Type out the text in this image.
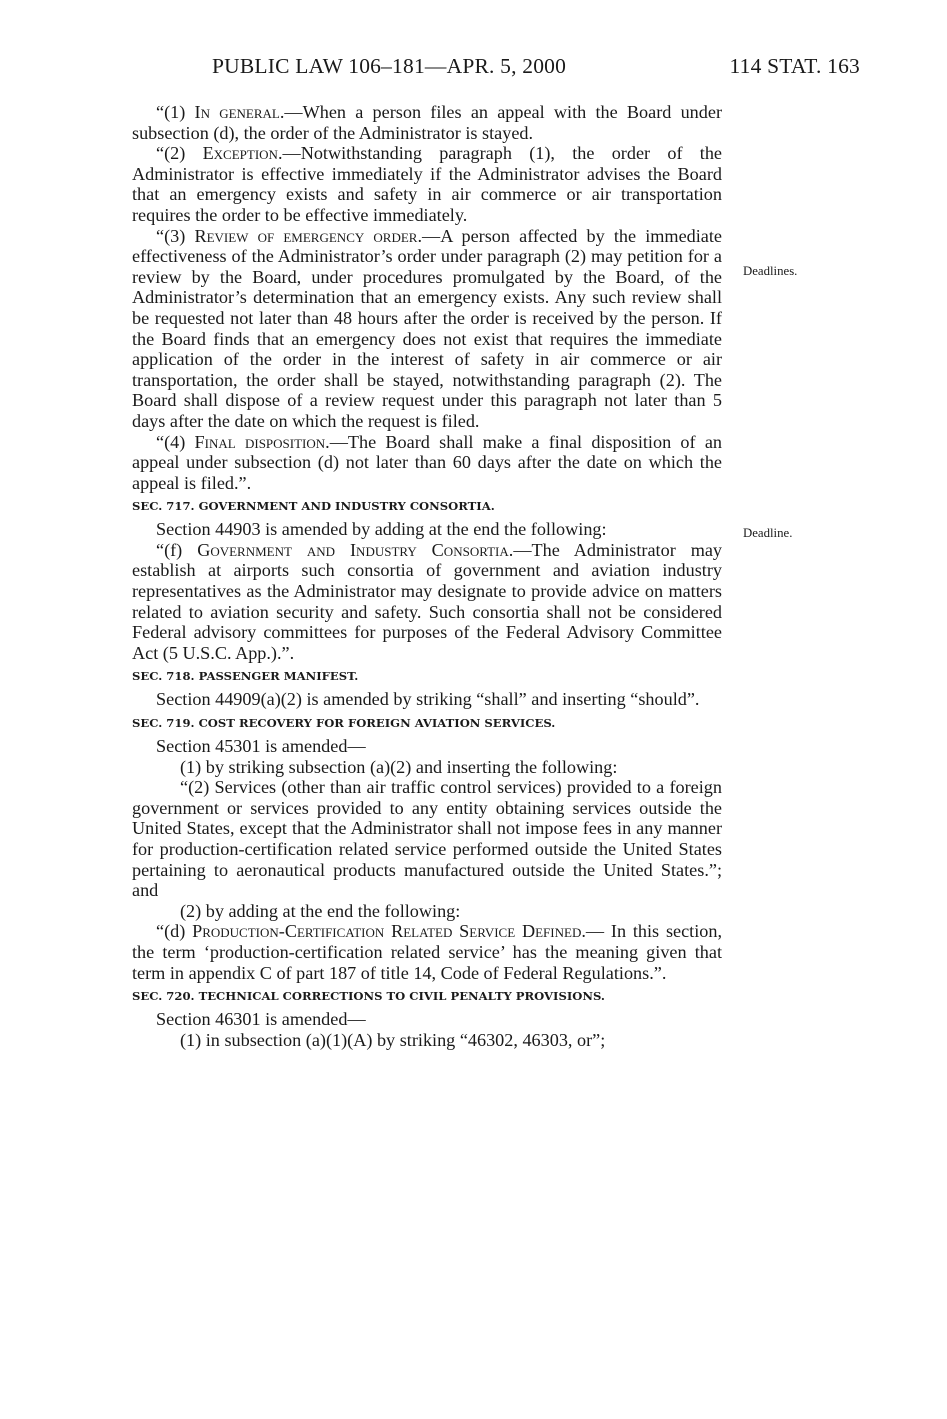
PUBLIC LAW 106–181—APR. 5, 2000	114 STAT. 163
Deadlines.
Deadline.

“(1) In general.—When a person files an appeal with the Board under subsection (d), the order of the Administrator is stayed.

“(2) Exception.—Notwithstanding paragraph (1), the order of the Administrator is effective immediately if the Administrator advises the Board that an emergency exists and safety in air commerce or air transportation requires the order to be effective immediately.

“(3) Review of emergency order.—A person affected by the immediate effectiveness of the Administrator’s order under paragraph (2) may petition for a review by the Board, under procedures promulgated by the Board, of the Administrator’s determination that an emergency exists. Any such review shall be requested not later than 48 hours after the order is received by the person. If the Board finds that an emergency does not exist that requires the immediate application of the order in the interest of safety in air commerce or air transportation, the order shall be stayed, notwithstanding paragraph (2). The Board shall dispose of a review request under this paragraph not later than 5 days after the date on which the request is filed.

“(4) Final disposition.—The Board shall make a final disposition of an appeal under subsection (d) not later than 60 days after the date on which the appeal is filed.”.

SEC. 717. GOVERNMENT AND INDUSTRY CONSORTIA.

Section 44903 is amended by adding at the end the following:

“(f) Government and Industry Consortia.—The Administrator may establish at airports such consortia of government and aviation industry representatives as the Administrator may designate to provide advice on matters related to aviation security and safety. Such consortia shall not be considered Federal advisory committees for purposes of the Federal Advisory Committee Act (5 U.S.C. App.).”.

SEC. 718. PASSENGER MANIFEST.

Section 44909(a)(2) is amended by striking “shall” and inserting “should”.

SEC. 719. COST RECOVERY FOR FOREIGN AVIATION SERVICES.

Section 45301 is amended—

(1) by striking subsection (a)(2) and inserting the following:

“(2) Services (other than air traffic control services) provided to a foreign government or services provided to any entity obtaining services outside the United States, except that the Administrator shall not impose fees in any manner for production-certification related service performed outside the United States pertaining to aeronautical products manufactured outside the United States.”; and

(2) by adding at the end the following:

“(d) Production-Certification Related Service Defined.— In this section, the term ‘production-certification related service’ has the meaning given that term in appendix C of part 187 of title 14, Code of Federal Regulations.”.

SEC. 720. TECHNICAL CORRECTIONS TO CIVIL PENALTY PROVISIONS.

Section 46301 is amended—

(1) in subsection (a)(1)(A) by striking “46302, 46303, or”;
